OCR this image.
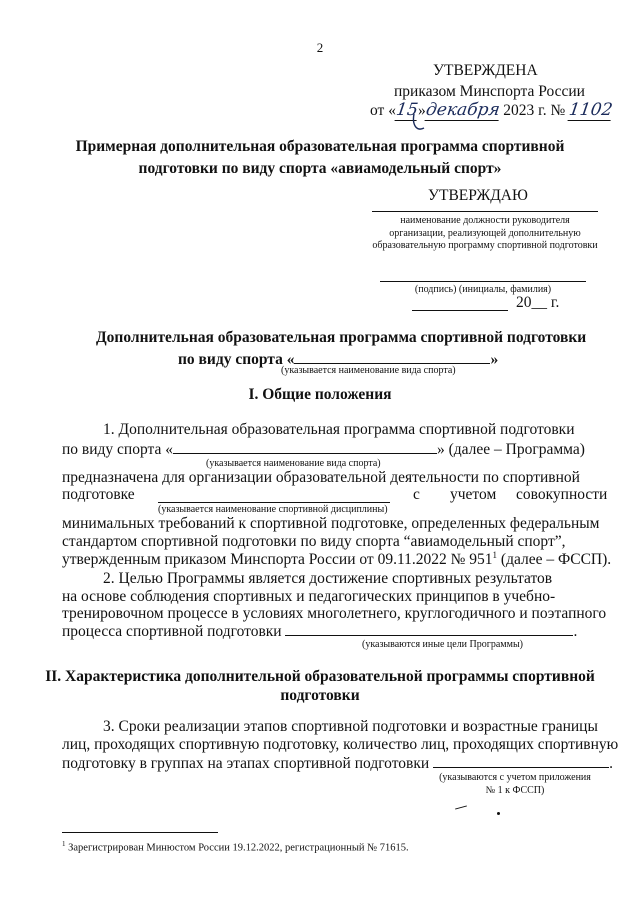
2
УТВЕРЖДЕНА
приказом Минспорта России
от «15»декабря 2023 г. № 1102
Примерная дополнительная образовательная программа спортивной
подготовки по виду спорта «авиамодельный спорт»
УТВЕРЖДАЮ
наименование должности руководителя
организации, реализующей дополнительную
образовательную программу спортивной подготовки
(подпись) (инициалы, фамилия)
20__ г.
Дополнительная образовательная программа спортивной подготовки
по виду спорта «	»
(указывается наименование вида спорта)
I. Общие положения
1. Дополнительная образовательная программа спортивной подготовки
по виду спорта «	» (далее – Программа)
(указывается наименование вида спорта)
предназначена для организации образовательной деятельности по спортивной
подготовке	с учетом совокупности
(указывается наименование спортивной дисциплины)
минимальных требований к спортивной подготовке, определенных федеральным
стандартом спортивной подготовки по виду спорта “авиамодельный спорт”,
утвержденным приказом Минспорта России от 09.11.2022 № $951^1$ (далее – ФССП).
2. Целью Программы является достижение спортивных результатов
на основе соблюдения спортивных и педагогических принципов в учебно-
тренировочном процессе в условиях многолетнего, круглогодичного и поэтапного
процесса спортивной подготовки	.
(указываются иные цели Программы)
II. Характеристика дополнительной образовательной программы спортивной
подготовки
3. Сроки реализации этапов спортивной подготовки и возрастные границы
лиц, проходящих спортивную подготовку, количество лиц, проходящих спортивную
подготовку в группах на этапах спортивной подготовки	.
(указываются с учетом приложения
№ 1 к ФССП)
$^1$ Зарегистрирован Минюстом России 19.12.2022, регистрационный № 71615.
